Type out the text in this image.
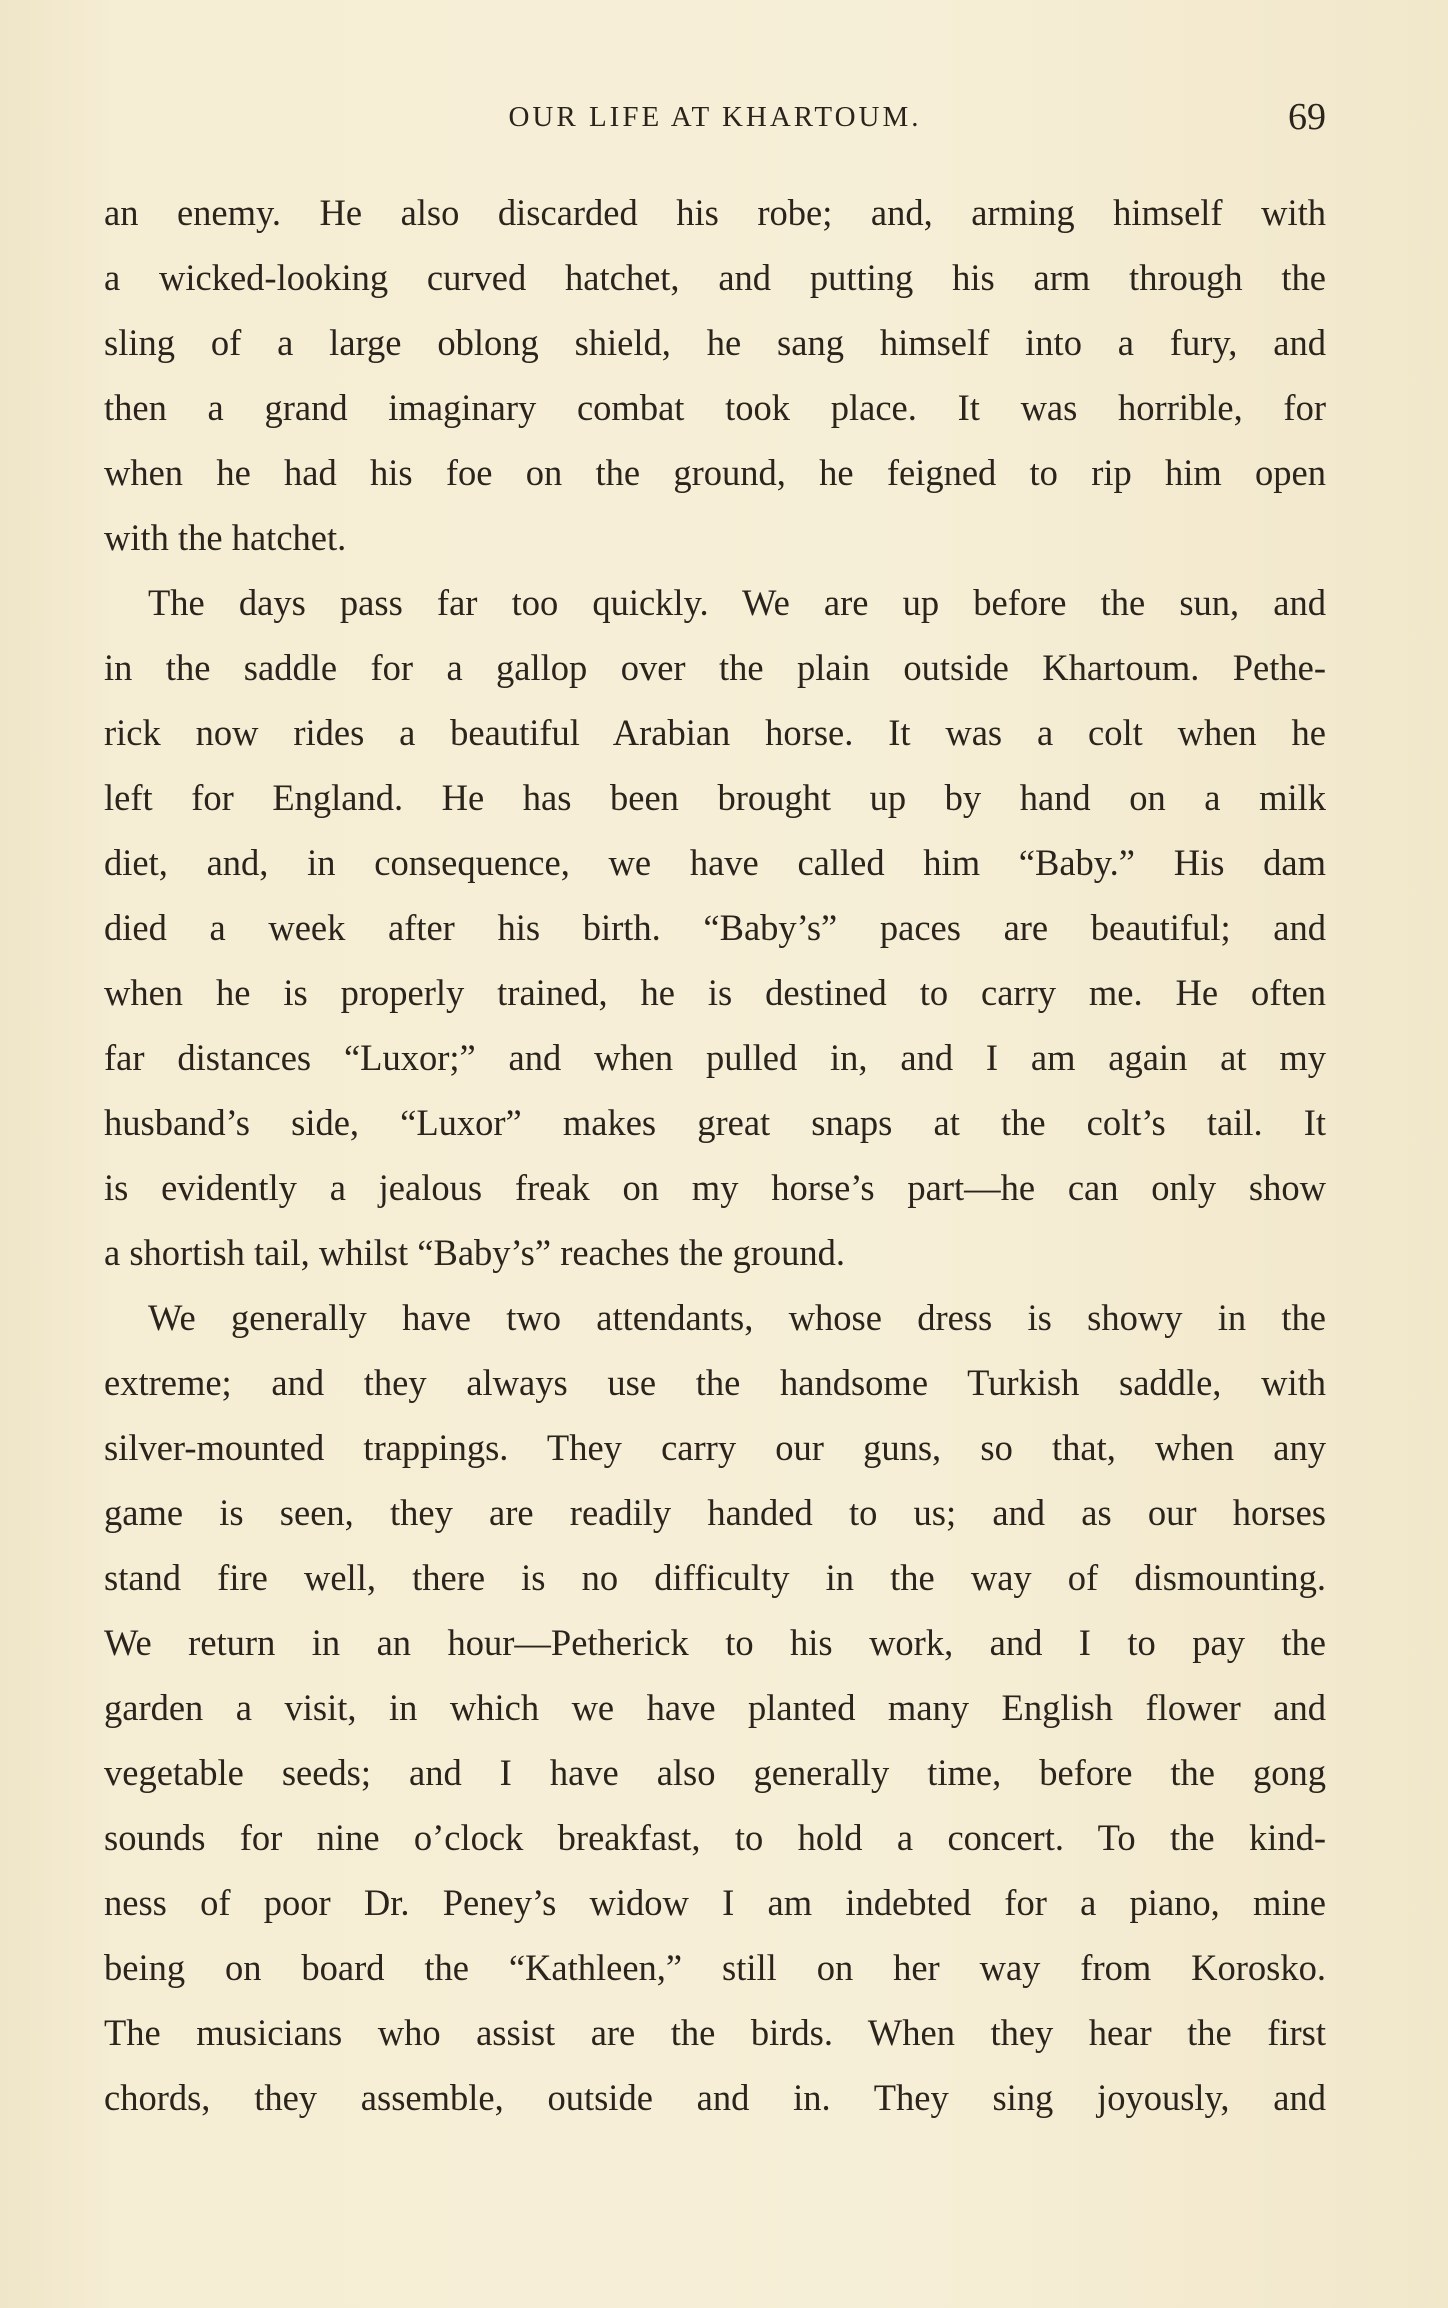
OUR LIFE AT KHARTOUM.	69
an enemy. He also discarded his robe; and, arming himself with
a wicked-looking curved hatchet, and putting his arm through the
sling of a large oblong shield, he sang himself into a fury, and
then a grand imaginary combat took place. It was horrible, for
when he had his foe on the ground, he feigned to rip him open
with the hatchet.
The days pass far too quickly. We are up before the sun, and
in the saddle for a gallop over the plain outside Khartoum. Pethe-
rick now rides a beautiful Arabian horse. It was a colt when he
left for England. He has been brought up by hand on a milk
diet, and, in consequence, we have called him “Baby.” His dam
died a week after his birth. “Baby’s” paces are beautiful; and
when he is properly trained, he is destined to carry me. He often
far distances “Luxor;” and when pulled in, and I am again at my
husband’s side, “Luxor” makes great snaps at the colt’s tail. It
is evidently a jealous freak on my horse’s part—he can only show
a shortish tail, whilst “Baby’s” reaches the ground.
We generally have two attendants, whose dress is showy in the
extreme; and they always use the handsome Turkish saddle, with
silver-mounted trappings. They carry our guns, so that, when any
game is seen, they are readily handed to us; and as our horses
stand fire well, there is no difficulty in the way of dismounting.
We return in an hour—Petherick to his work, and I to pay the
garden a visit, in which we have planted many English flower and
vegetable seeds; and I have also generally time, before the gong
sounds for nine o’clock breakfast, to hold a concert. To the kind-
ness of poor Dr. Peney’s widow I am indebted for a piano, mine
being on board the “Kathleen,” still on her way from Korosko.
The musicians who assist are the birds. When they hear the first
chords, they assemble, outside and in. They sing joyously, and
